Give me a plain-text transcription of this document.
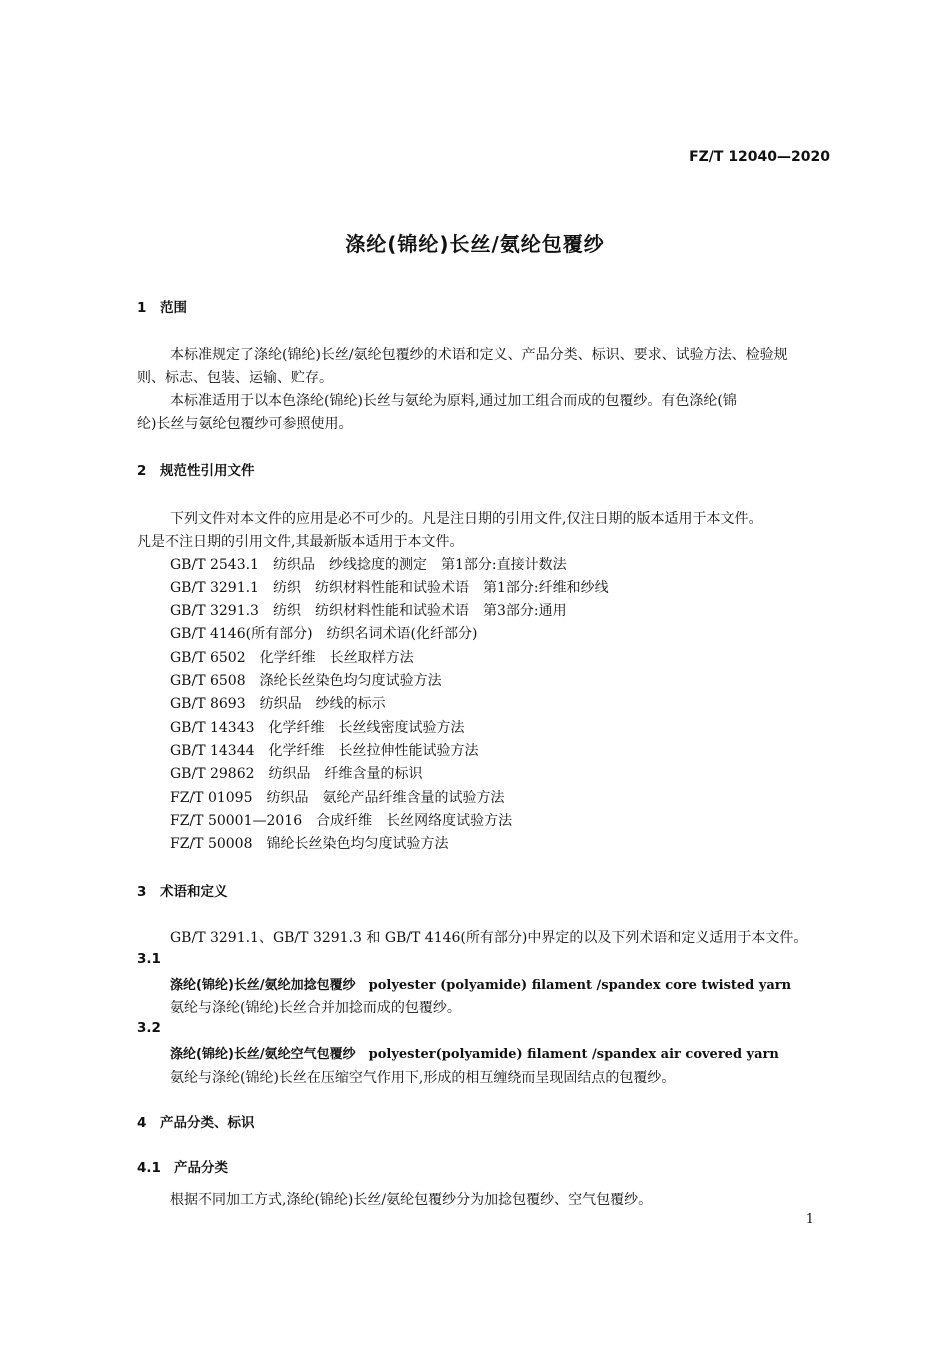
FZ/T 12040—2020
涤纶(锦纶)长丝/氨纶包覆纱
1 范围
本标准规定了涤纶(锦纶)长丝/氨纶包覆纱的术语和定义、产品分类、标识、要求、试验方法、检验规
则、标志、包装、运输、贮存。
本标准适用于以本色涤纶(锦纶)长丝与氨纶为原料,通过加工组合而成的包覆纱。有色涤纶(锦
纶)长丝与氨纶包覆纱可参照使用。
2 规范性引用文件
下列文件对本文件的应用是必不可少的。凡是注日期的引用文件,仅注日期的版本适用于本文件。
凡是不注日期的引用文件,其最新版本适用于本文件。
GB/T 2543.1　纺织品　纱线捻度的测定　第1部分:直接计数法
GB/T 3291.1　纺织　纺织材料性能和试验术语　第1部分:纤维和纱线
GB/T 3291.3　纺织　纺织材料性能和试验术语　第3部分:通用
GB/T 4146(所有部分)　纺织名词术语(化纤部分)
GB/T 6502　化学纤维　长丝取样方法
GB/T 6508　涤纶长丝染色均匀度试验方法
GB/T 8693　纺织品　纱线的标示
GB/T 14343　化学纤维　长丝线密度试验方法
GB/T 14344　化学纤维　长丝拉伸性能试验方法
GB/T 29862　纺织品　纤维含量的标识
FZ/T 01095　纺织品　氨纶产品纤维含量的试验方法
FZ/T 50001—2016　合成纤维　长丝网络度试验方法
FZ/T 50008　锦纶长丝染色均匀度试验方法
3 术语和定义
GB/T 3291.1、GB/T 3291.3 和 GB/T 4146(所有部分)中界定的以及下列术语和定义适用于本文件。
3.1
涤纶(锦纶)长丝/氨纶加捻包覆纱　 polyester (polyamide) filament /spandex core twisted yarn
氨纶与涤纶(锦纶)长丝合并加捻而成的包覆纱。
3.2
涤纶(锦纶)长丝/氨纶空气包覆纱　 polyester(polyamide) filament /spandex air covered yarn
氨纶与涤纶(锦纶)长丝在压缩空气作用下,形成的相互缠绕而呈现固结点的包覆纱。
4 产品分类、标识
4.1 产品分类
根据不同加工方式,涤纶(锦纶)长丝/氨纶包覆纱分为加捻包覆纱、空气包覆纱。
1
